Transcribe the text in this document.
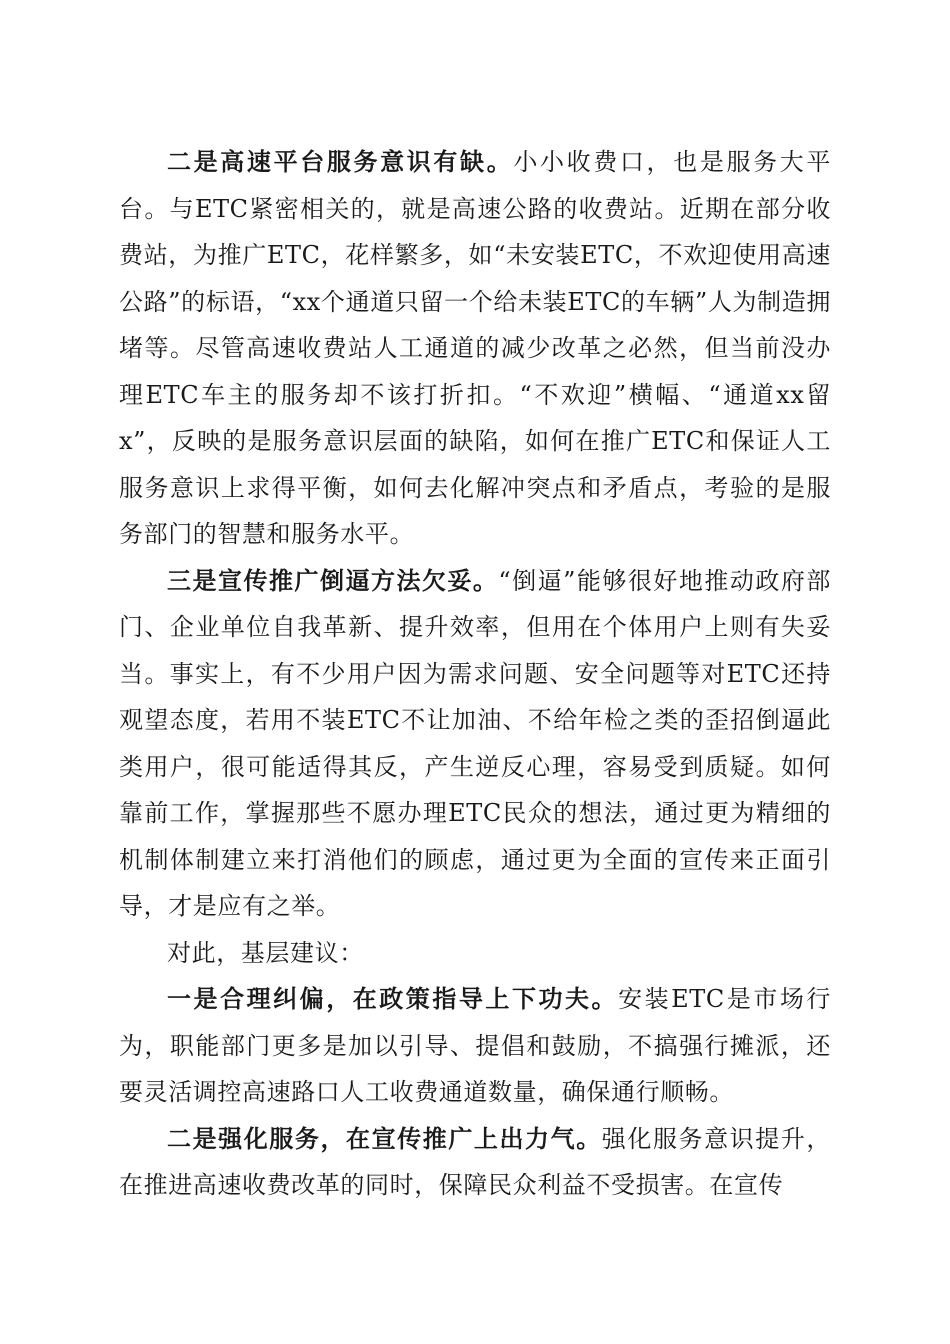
二是高速平台服务意识有缺。小小收费口，也是服务大平台。与ETC紧密相关的，就是高速公路的收费站。近期在部分收费站，为推广ETC，花样繁多，如“未安装ETC，不欢迎使用高速公路”的标语，“xx个通道只留一个给未装ETC的车辆”人为制造拥堵等。尽管高速收费站人工通道的减少改革之必然，但当前没办理ETC车主的服务却不该打折扣。“不欢迎”横幅、“通道xx留x”，反映的是服务意识层面的缺陷，如何在推广ETC和保证人工服务意识上求得平衡，如何去化解冲突点和矛盾点，考验的是服务部门的智慧和服务水平。

三是宣传推广倒逼方法欠妥。“倒逼”能够很好地推动政府部门、企业单位自我革新、提升效率，但用在个体用户上则有失妥当。事实上，有不少用户因为需求问题、安全问题等对ETC还持观望态度，若用不装ETC不让加油、不给年检之类的歪招倒逼此类用户，很可能适得其反，产生逆反心理，容易受到质疑。如何靠前工作，掌握那些不愿办理ETC民众的想法，通过更为精细的机制体制建立来打消他们的顾虑，通过更为全面的宣传来正面引导，才是应有之举。

对此，基层建议：

一是合理纠偏，在政策指导上下功夫。安装ETC是市场行为，职能部门更多是加以引导、提倡和鼓励，不搞强行摊派，还要灵活调控高速路口人工收费通道数量，确保通行顺畅。

二是强化服务，在宣传推广上出力气。强化服务意识提升，在推进高速收费改革的同时，保障民众利益不受损害。在宣传
